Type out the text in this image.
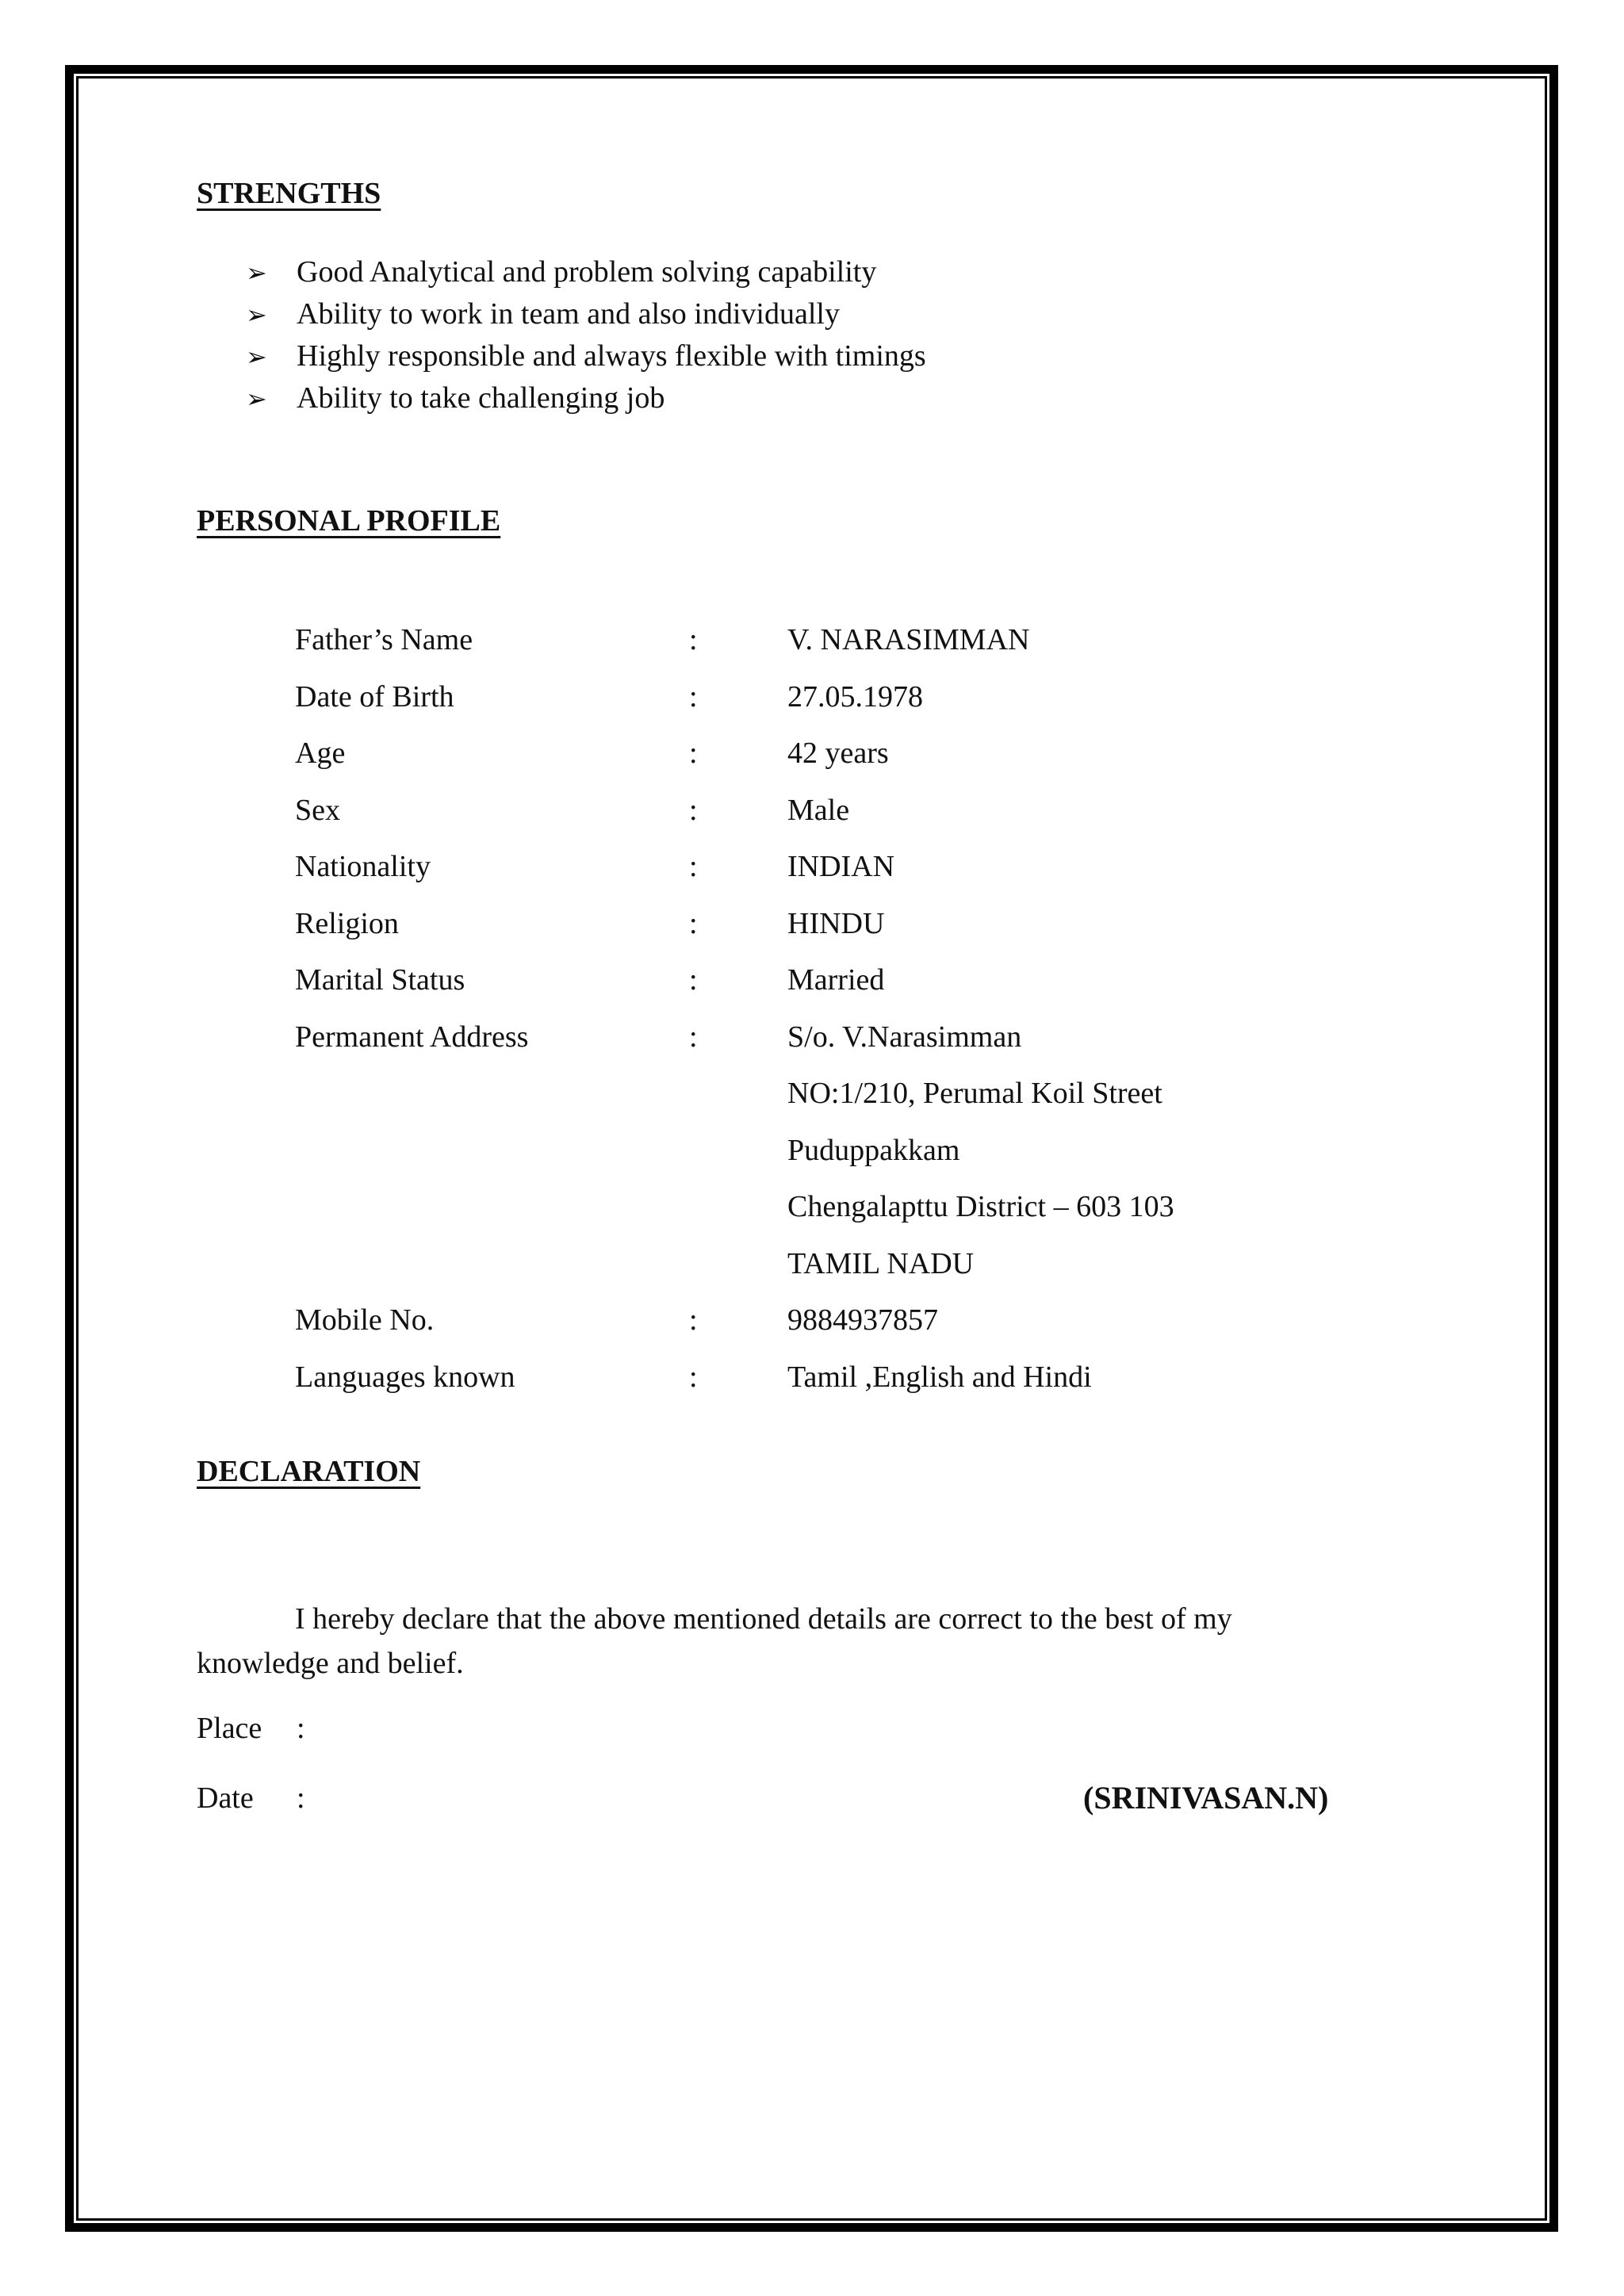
STRENGTHS
➢ Good Analytical and problem solving capability
➢ Ability to work in team and also individually
➢ Highly responsible and always flexible with timings
➢ Ability to take challenging job
PERSONAL PROFILE
Father’s Name	:	V. NARASIMMAN
Date of Birth	:	27.05.1978
Age	:	42 years
Sex	:	Male
Nationality	:	INDIAN
Religion	:	HINDU
Marital Status	:	Married
Permanent Address	:	S/o. V.Narasimman
NO:1/210, Perumal Koil Street
Puduppakkam
Chengalapttu District – 603 103
TAMIL NADU
Mobile No.	:	9884937857
Languages known	:	Tamil ,English and Hindi
DECLARATION

I hereby declare that the above mentioned details are correct to the best of my knowledge and belief.

Place	:
Date	:	(SRINIVASAN.N)
